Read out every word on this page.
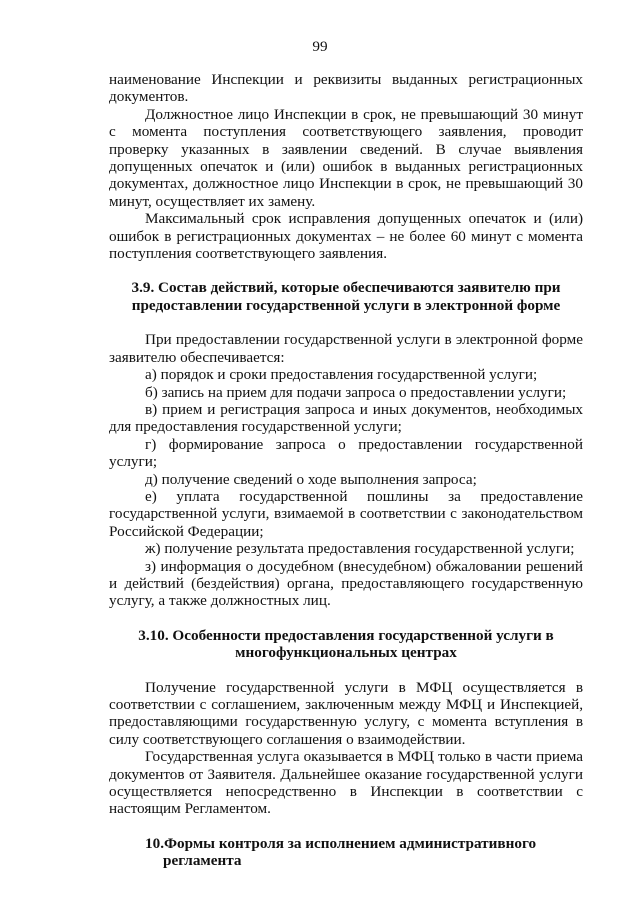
99

наименование Инспекции и реквизиты выданных регистрационных документов.

Должностное лицо Инспекции в срок, не превышающий 30 минут с момента поступления соответствующего заявления, проводит проверку указанных в заявлении сведений. В случае выявления допущенных опечаток и (или) ошибок в выданных регистрационных документах, должностное лицо Инспекции в срок, не превышающий 30 минут, осуществляет их замену.

Максимальный срок исправления допущенных опечаток и (или) ошибок в регистрационных документах – не более 60 минут с момента поступления соответствующего заявления.

3.9. Состав действий, которые обеспечиваются заявителю при предоставлении государственной услуги в электронной форме

При предоставлении государственной услуги в электронной форме заявителю обеспечивается:

а) порядок и сроки предоставления государственной услуги;

б) запись на прием для подачи запроса о предоставлении услуги;

в) прием и регистрация запроса и иных документов, необходимых для предоставления государственной услуги;

г) формирование запроса о предоставлении государственной услуги;

д) получение сведений о ходе выполнения запроса;

е) уплата государственной пошлины за предоставление государственной услуги, взимаемой в соответствии с законодательством Российской Федерации;

ж) получение результата предоставления государственной услуги;

з) информация о досудебном (внесудебном) обжаловании решений и действий (бездействия) органа, предоставляющего государственную услугу, а также должностных лиц.

3.10. Особенности предоставления государственной услуги в многофункциональных центрах

Получение государственной услуги в МФЦ осуществляется в соответствии с соглашением, заключенным между МФЦ и Инспекцией, предоставляющими государственную услугу, с момента вступления в силу соответствующего соглашения о взаимодействии.

Государственная услуга оказывается в МФЦ только в части приема документов от Заявителя. Дальнейшее оказание государственной услуги осуществляется непосредственно в Инспекции в соответствии с настоящим Регламентом.

10.Формы контроля за исполнением административного
регламента
